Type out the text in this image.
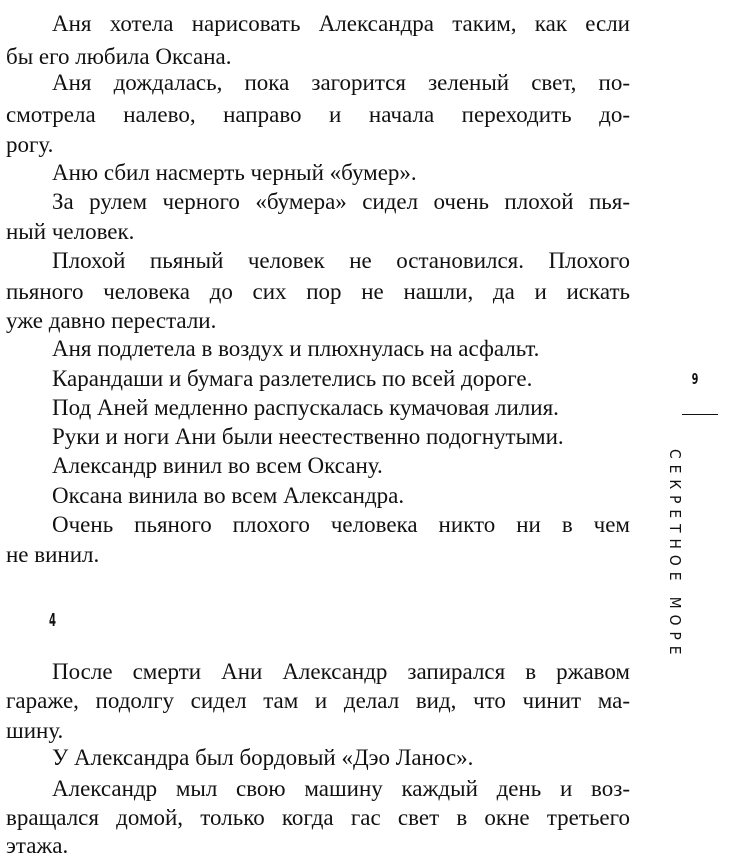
Аня хотела нарисовать Александра таким, как если
бы его любила Оксана.
Аня дождалась, пока загорится зеленый свет, по-
смотрела налево, направо и начала переходить до-
рогу.
Аню сбил насмерть черный «бумер».
За рулем черного «бумера» сидел очень плохой пья-
ный человек.
Плохой пьяный человек не остановился. Плохого
пьяного человека до сих пор не нашли, да и искать
уже давно перестали.
Аня подлетела в воздух и плюхнулась на асфальт.
Карандаши и бумага разлетелись по всей дороге.
Под Аней медленно распускалась кумачовая лилия.
Руки и ноги Ани были неестественно подогнутыми.
Александр винил во всем Оксану.
Оксана винила во всем Александра.
Очень пьяного плохого человека никто ни в чем
не винил.
После смерти Ани Александр запирался в ржавом
гараже, подолгу сидел там и делал вид, что чинит ма-
шину.
У Александра был бордовый «Дэо Ланос».
Александр мыл свою машину каждый день и воз-
вращался домой, только когда гас свет в окне третьего
этажа.
4
9
СЕКРЕТНОЕ МОРЕ
